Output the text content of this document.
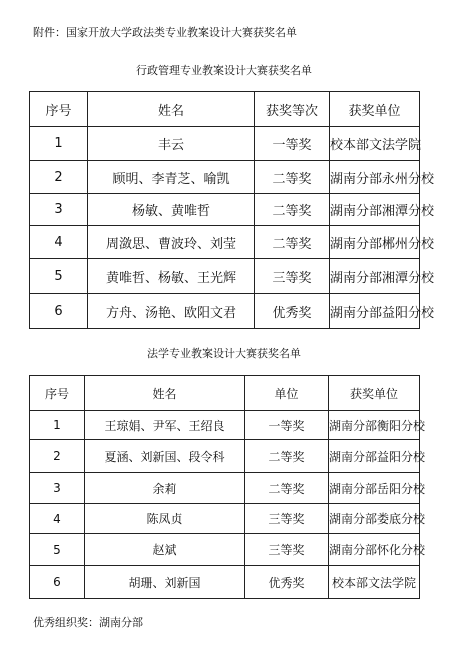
附件：国家开放大学政法类专业教案设计大赛获奖名单
行政管理专业教案设计大赛获奖名单
序号	姓名	获奖等次	获奖单位
1	丰云	一等奖	校本部文法学院
2	顾明、李青芝、喻凯	二等奖	湖南分部永州分校
3	杨敏、黄唯哲	二等奖	湖南分部湘潭分校
4	周潋思、曹波玲、刘莹	二等奖	湖南分部郴州分校
5	黄唯哲、杨敏、王光辉	三等奖	湖南分部湘潭分校
6	方舟、汤艳、欧阳文君	优秀奖	湖南分部益阳分校
法学专业教案设计大赛获奖名单
序号	姓名	单位	获奖单位
1	王琼娟、尹军、王绍良	一等奖	湖南分部衡阳分校
2	夏涵、刘新国、段令科	二等奖	湖南分部益阳分校
3	余莉	二等奖	湖南分部岳阳分校
4	陈凤贞	三等奖	湖南分部娄底分校
5	赵斌	三等奖	湖南分部怀化分校
6	胡珊、刘新国	优秀奖	校本部文法学院
优秀组织奖：湖南分部
